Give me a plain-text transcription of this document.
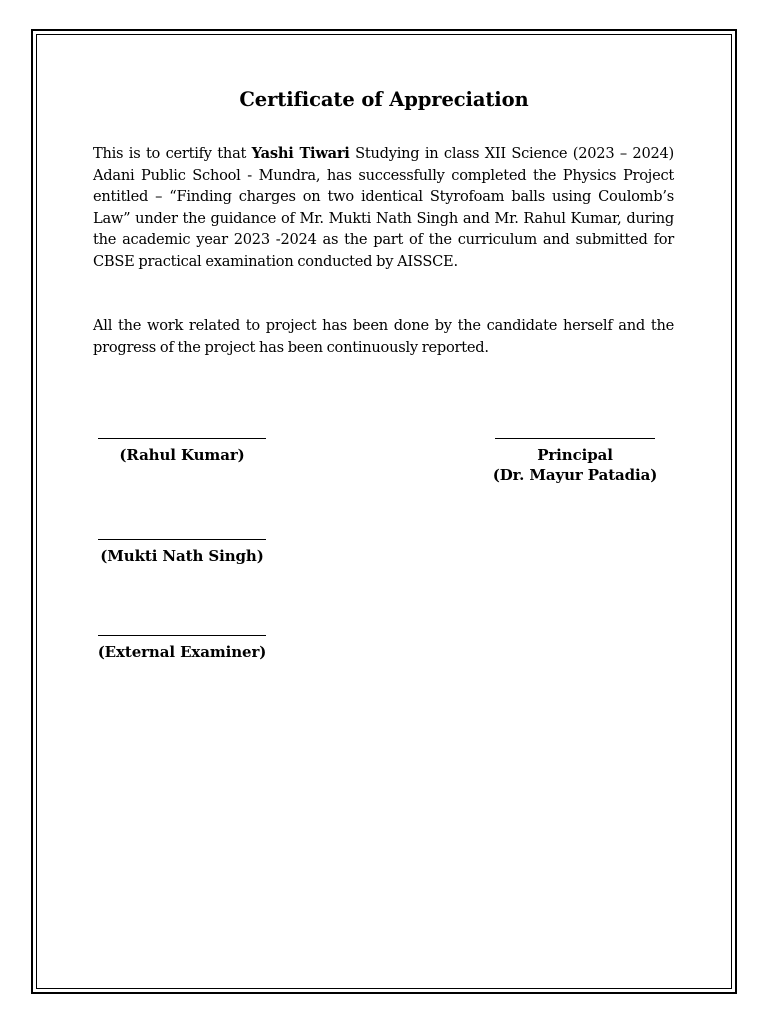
Certificate of Appreciation

This is to certify that Yashi Tiwari Studying in class XII Science (2023 – 2024) Adani Public School - Mundra, has successfully completed the Physics Project entitled – “Finding charges on two identical Styrofoam balls using Coulomb’s Law” under the guidance of Mr. Mukti Nath Singh and Mr. Rahul Kumar, during the academic year 2023 -2024 as the part of the curriculum and submitted for CBSE practical examination conducted by AISSCE.

All the work related to project has been done by the candidate herself and the progress of the project has been continuously reported.

(Rahul Kumar)	Principal
(Dr. Mayur Patadia)
(Mukti Nath Singh)
(External Examiner)
